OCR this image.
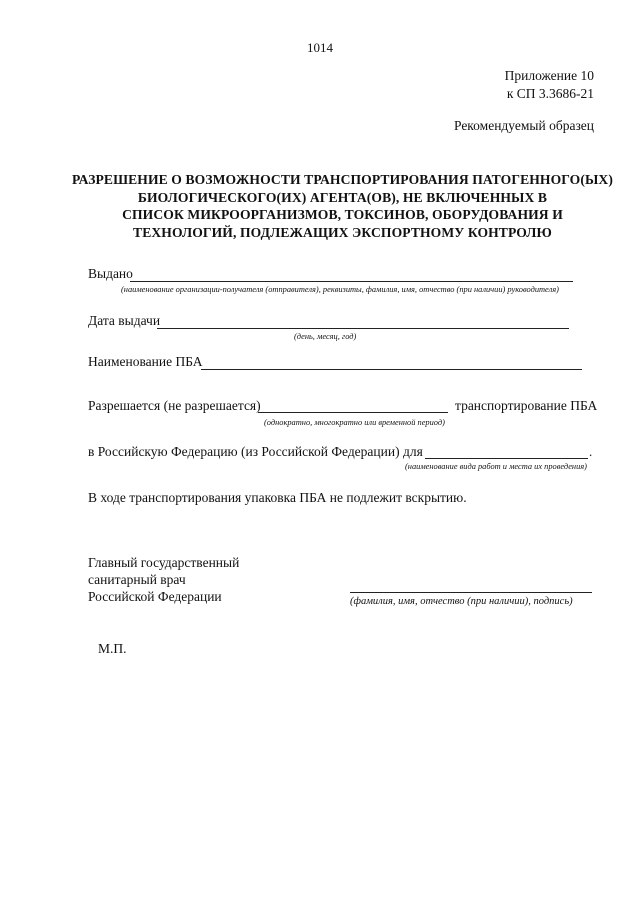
1014
Приложение 10
к СП 3.3686-21
Рекомендуемый образец
РАЗРЕШЕНИЕ О ВОЗМОЖНОСТИ ТРАНСПОРТИРОВАНИЯ ПАТОГЕННОГО(ЫХ)
БИОЛОГИЧЕСКОГО(ИХ) АГЕНТА(ОВ), НЕ ВКЛЮЧЕННЫХ В
СПИСОК МИКРООРГАНИЗМОВ, ТОКСИНОВ, ОБОРУДОВАНИЯ И
ТЕХНОЛОГИЙ, ПОДЛЕЖАЩИХ ЭКСПОРТНОМУ КОНТРОЛЮ
Выдано
(наименование организации-получателя (отправителя), реквизиты, фамилия, имя, отчество (при наличии) руководителя)
Дата выдачи
(день, месяц, год)
Наименование ПБА
Разрешается (не разрешается)	транспортирование ПБА
(однократно, многократно или временной период)
в Российскую Федерацию (из Российской Федерации) для	.
(наименование вида работ и места их проведения)
В ходе транспортирования упаковка ПБА не подлежит вскрытию.
Главный государственный
санитарный врач
Российской Федерации	(фамилия, имя, отчество (при наличии), подпись)
М.П.
